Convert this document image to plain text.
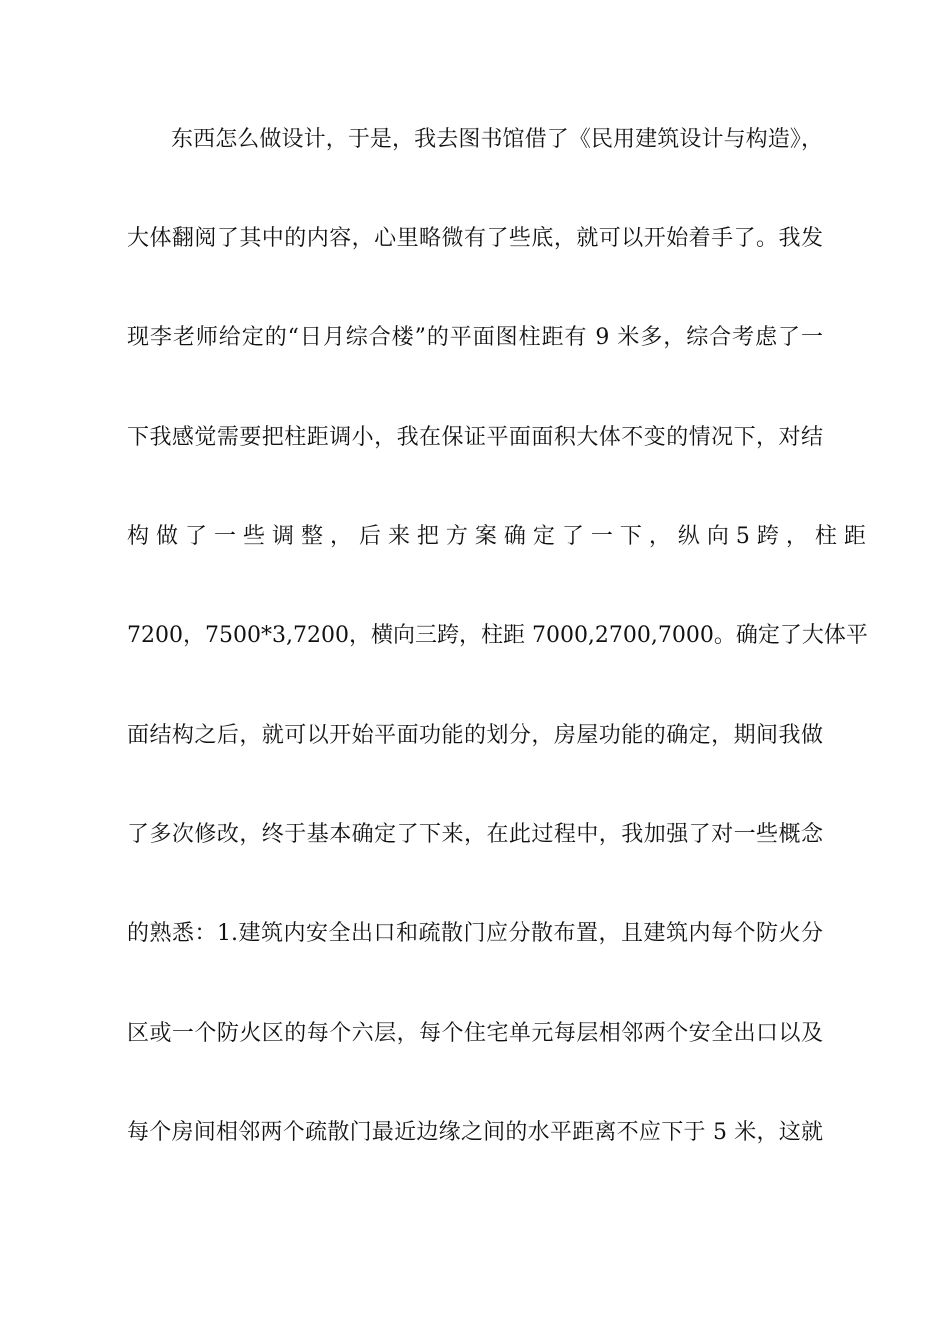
东西怎么做设计，于是，我去图书馆借了《民用建筑设计与构造》，
大体翻阅了其中的内容，心里略微有了些底，就可以开始着手了。我发
现李老师给定的“日月综合楼”的平面图柱距有 9 米多，综合考虑了一
下我感觉需要把柱距调小，我在保证平面面积大体不变的情况下，对结
构 做 了 一 些 调 整 ， 后 来 把 方 案 确 定 了 一 下 ， 纵 向 5 跨 ， 柱 距
7200，7500*3,7200，横向三跨，柱距 7000,2700,7000。确定了大体平
面结构之后，就可以开始平面功能的划分，房屋功能的确定，期间我做
了多次修改，终于基本确定了下来，在此过程中，我加强了对一些概念
的熟悉：1.建筑内安全出口和疏散门应分散布置，且建筑内每个防火分
区或一个防火区的每个六层，每个住宅单元每层相邻两个安全出口以及
每个房间相邻两个疏散门最近边缘之间的水平距离不应下于 5 米，这就
